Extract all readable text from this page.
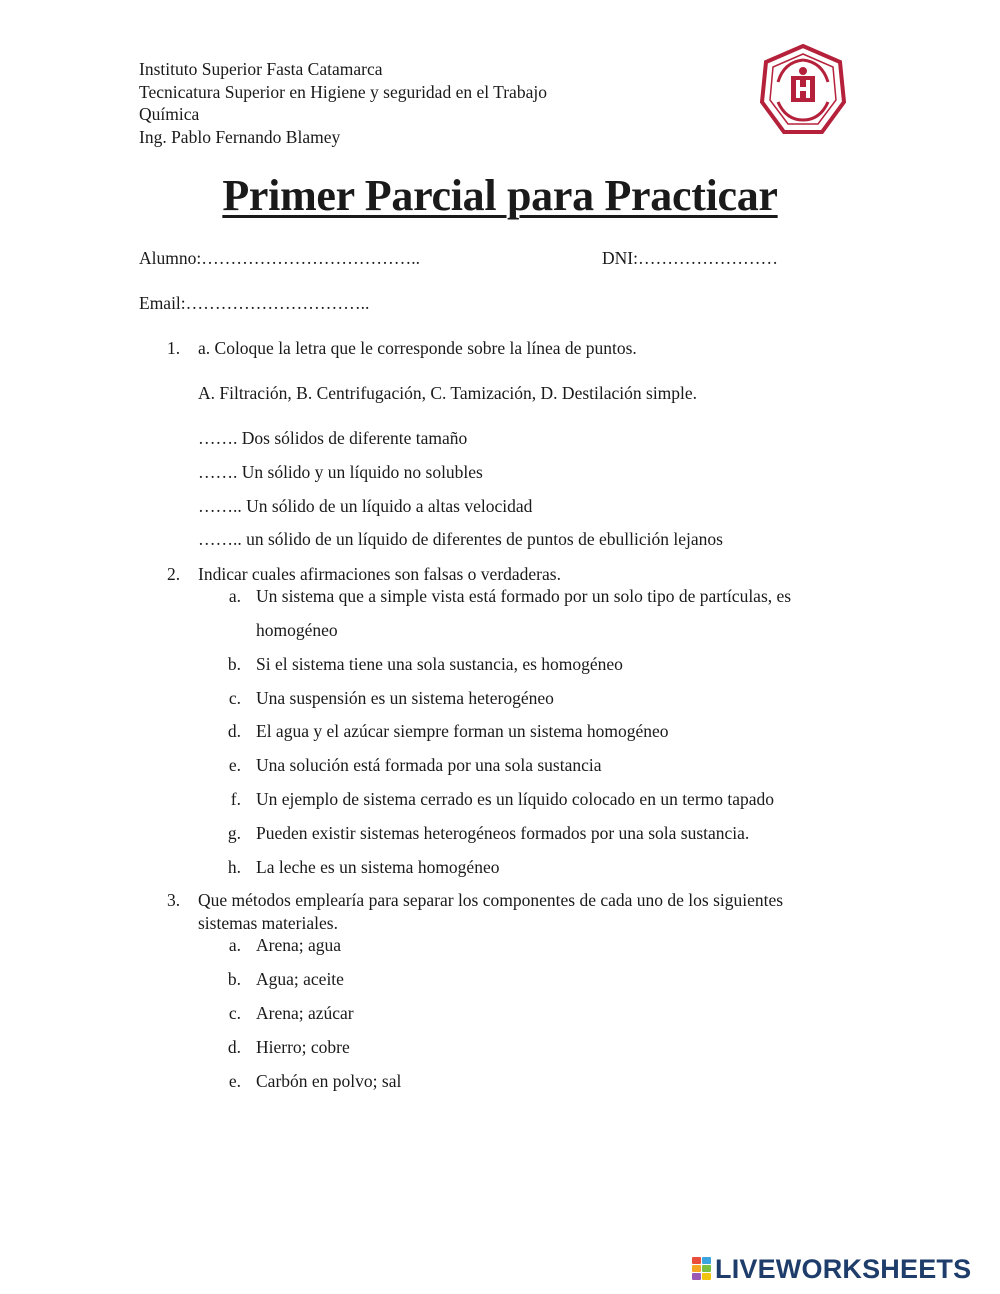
Instituto Superior Fasta Catamarca
Tecnicatura Superior en Higiene y seguridad en el Trabajo
Química
Ing. Pablo Fernando Blamey
Primer Parcial para Practicar
Alumno:………………………………..	DNI:……………………
Email:…………………………..
1. a. Coloque la letra que le corresponde sobre la línea de puntos.
A. Filtración, B. Centrifugación, C. Tamización, D. Destilación simple.
……. Dos sólidos de diferente tamaño
……. Un sólido y un líquido no solubles
…….. Un sólido de un líquido a altas velocidad
…….. un sólido de un líquido de diferentes de puntos de ebullición lejanos
2. Indicar cuales afirmaciones son falsas o verdaderas.
a. Un sistema que a simple vista está formado por un solo tipo de partículas, es
homogéneo
b. Si el sistema tiene una sola sustancia, es homogéneo
c. Una suspensión es un sistema heterogéneo
d. El agua y el azúcar siempre forman un sistema homogéneo
e. Una solución está formada por una sola sustancia
f. Un ejemplo de sistema cerrado es un líquido colocado en un termo tapado
g. Pueden existir sistemas heterogéneos formados por una sola sustancia.
h. La leche es un sistema homogéneo
3. Que métodos emplearía para separar los componentes de cada uno de los siguientes
sistemas materiales.
a. Arena; agua
b. Agua; aceite
c. Arena; azúcar
d. Hierro; cobre
e. Carbón en polvo; sal
LIVEWORKSHEETS
